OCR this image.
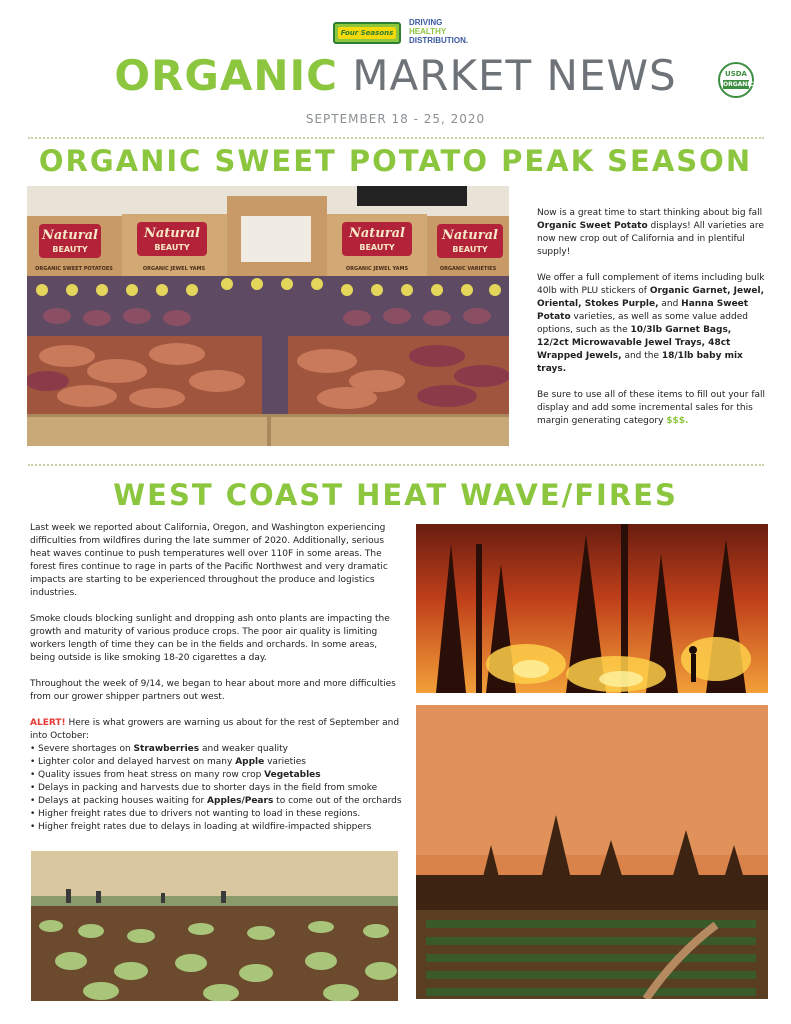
Four Seasons
DRIVING
HEALTHY
DISTRIBUTION.
ORGANIC MARKET NEWS	USDA
ORGANIC
SEPTEMBER 18 - 25, 2020
ORGANIC SWEET POTATO PEAK SEASON
Natural	Natural	Natural	Natural
BEAUTY	BEAUTY	BEAUTY	BEAUTY
ORGANIC SWEET POTATOES	ORGANIC JEWEL YAMS	ORGANIC JEWEL YAMS	ORGANIC VARIETIES

Now is a great time to start thinking about big fall Organic Sweet Potato displays! All varieties are now new crop out of California and in plentiful supply!

We offer a full complement of items including bulk 40lb with PLU stickers of Organic Garnet, Jewel, Oriental, Stokes Purple, and Hanna Sweet Potato varieties, as well as some value added options, such as the 10/3lb Garnet Bags, 12/2ct Microwavable Jewel Trays, 48ct Wrapped Jewels, and the 18/1lb baby mix trays.

Be sure to use all of these items to fill out your fall display and add some incremental sales for this margin generating category $$$.

WEST COAST HEAT WAVE/FIRES

Last week we reported about California, Oregon, and Washington experiencing difficulties from wildfires during the late summer of 2020. Additionally, serious heat waves continue to push temperatures well over 110F in some areas. The forest fires continue to rage in parts of the Pacific Northwest and very dramatic impacts are starting to be experienced throughout the produce and logistics industries.

Smoke clouds blocking sunlight and dropping ash onto plants are impacting the growth and maturity of various produce crops. The poor air quality is limiting workers length of time they can be in the fields and orchards. In some areas, being outside is like smoking 18-20 cigarettes a day.

Throughout the week of 9/14, we began to hear about more and more difficulties from our grower shipper partners out west.

ALERT! Here is what growers are warning us about for the rest of September and into October:
• Severe shortages on Strawberries and weaker quality
• Lighter color and delayed harvest on many Apple varieties
• Quality issues from heat stress on many row crop Vegetables
• Delays in packing and harvests due to shorter days in the field from smoke
• Delays at packing houses waiting for Apples/Pears to come out of the orchards
• Higher freight rates due to drivers not wanting to load in these regions.
• Higher freight rates due to delays in loading at wildfire-impacted shippers
